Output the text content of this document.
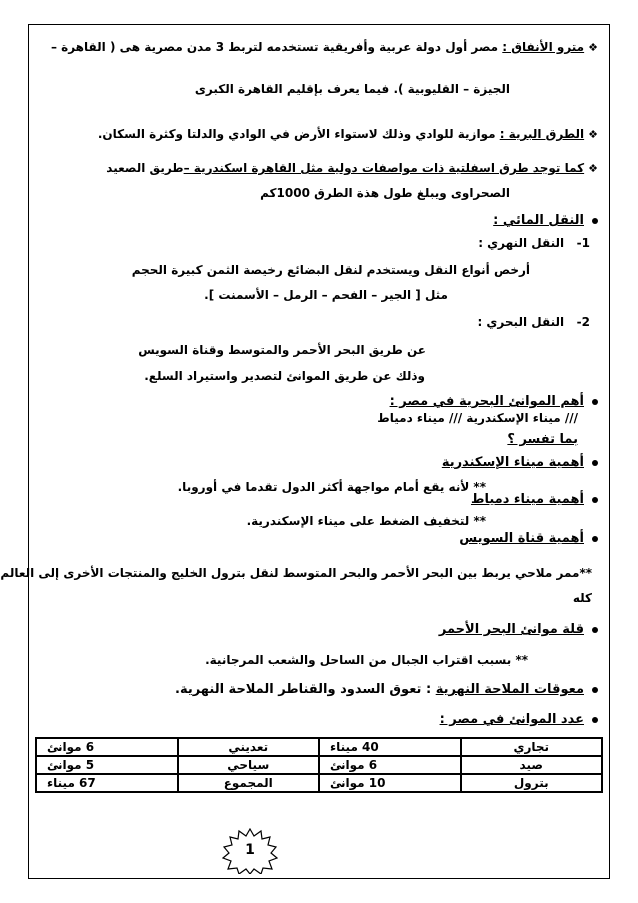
❖مترو الأنفاق : مصر أول دولة عربية وأفريقية تستخدمه لتربط 3 مدن مصرية هى ( القاهرة –
الجيزة – القليوبية ). فيما يعرف بإقليم القاهرة الكبرى
❖الطرق البرية : موازية للوادي وذلك لاستواء الأرض في الوادي والدلتا وكثرة السكان.
❖كما توجد طرق اسفلتية ذات مواصفات دولية مثل القاهرة اسكندرية –طريق الصعيد
الصحراوى ويبلغ طول هذة الطرق 1000كم
النقل المائي :
1-   النقل النهري :
أرخص أنواع النقل ويستخدم لنقل البضائع رخيصة الثمن كبيرة الحجم
مثل [ الجير – الفحم – الرمل – الأسمنت ].
2-   النقل البحري :
عن طريق البحر الأحمر والمتوسط وقناة السويس
وذلك عن طريق الموانئ لتصدير واستيراد السلع.
أهم الموانئ البحرية في مصر :
/// ميناء الإسكندرية /// ميناء دمياط
بما تفسر ؟
أهمية ميناء الإسكندرية
** لأنه يقع أمام مواجهة أكثر الدول تقدما في أوروبا.
أهمية ميناء دمياط
** لتخفيف الضغط على ميناء الإسكندرية.
أهمية قناة السويس
**ممر ملاحي يربط بين البحر الأحمر والبحر المتوسط لنقل بترول الخليج والمنتجات الأخرى إلى العالم
كله
قلة موانئ البحر الأحمر
** بسبب اقتراب الجبال من الساحل والشعب المرجانية.
معوقات الملاحة النهرية : تعوق السدود والقناطر الملاحة النهرية.
عدد الموانئ في مصر :
تجاري	40 ميناء	تعديني	6 موانئ
صيد	6 موانئ	سياحي	5 موانئ
بترول	10 موانئ	المجموع	67 ميناء
1
